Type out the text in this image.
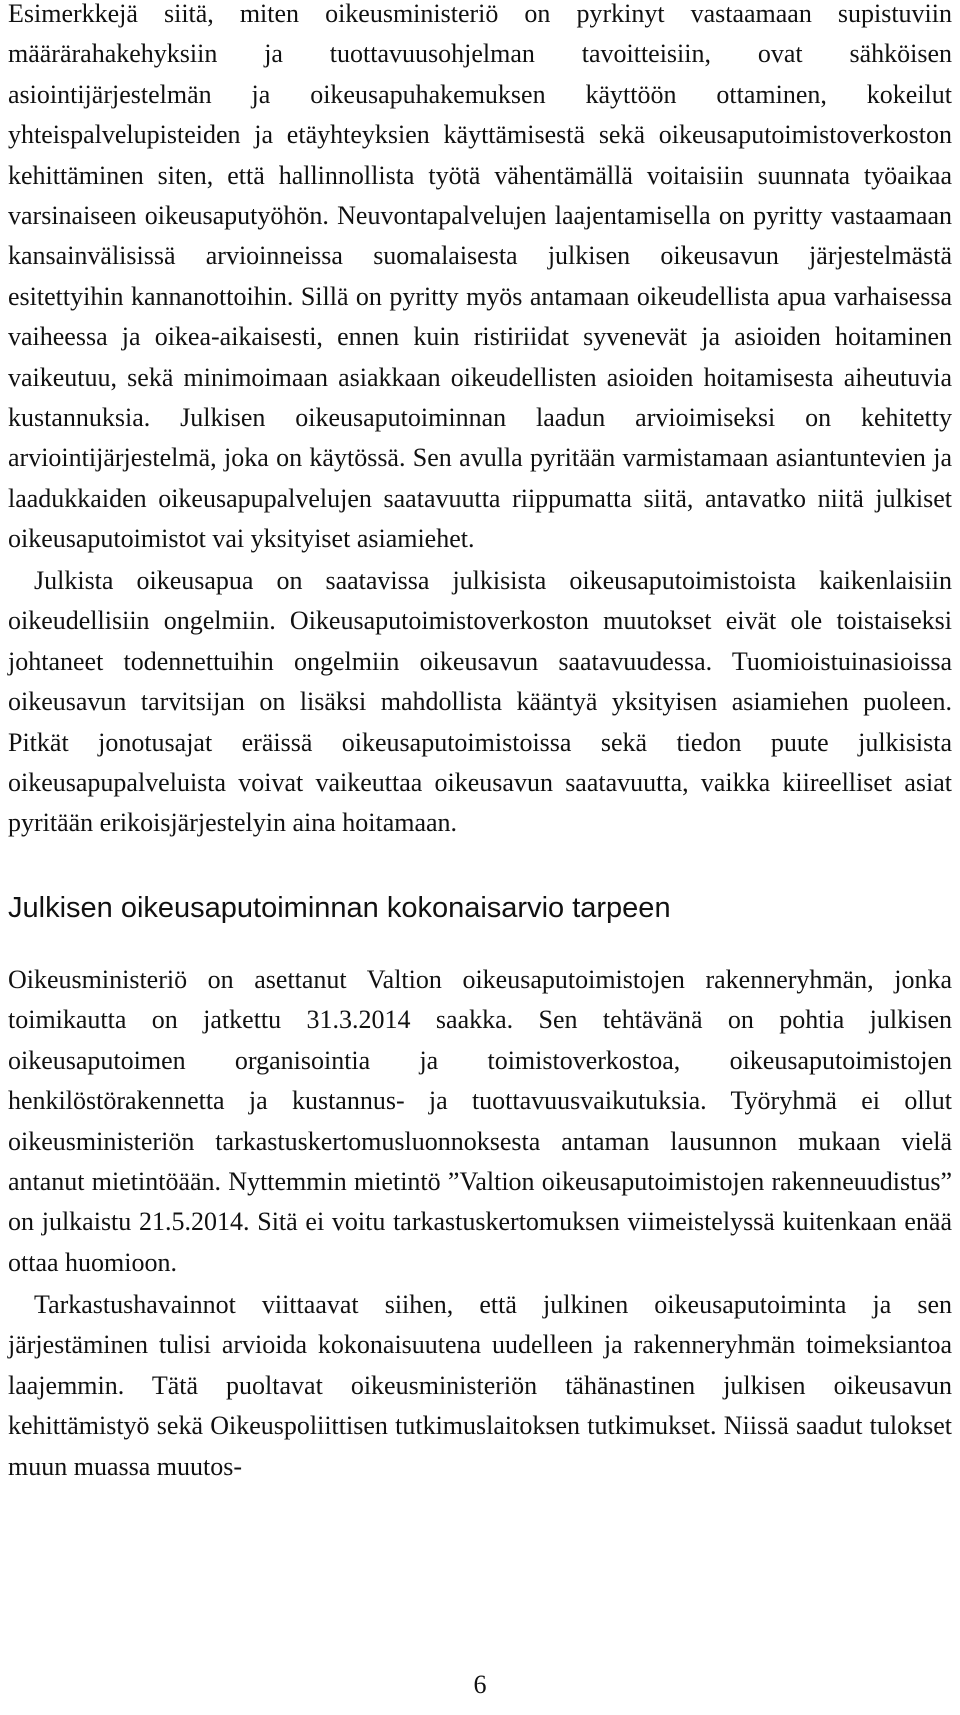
Esimerkkejä siitä, miten oikeusministeriö on pyrkinyt vastaamaan supistuviin määrärahakehyksiin ja tuottavuusohjelman tavoitteisiin, ovat sähköisen asiointijärjestelmän ja oikeusapuhakemuksen käyttöön ottaminen, kokeilut yhteispalvelupisteiden ja etäyhteyksien käyttämisestä sekä oikeusaputoimistoverkoston kehittäminen siten, että hallinnollista työtä vähentämällä voitaisiin suunnata työaikaa varsinaiseen oikeusaputyöhön. Neuvontapalvelujen laajentamisella on pyritty vastaamaan kansainvälisissä arvioinneissa suomalaisesta julkisen oikeusavun järjestelmästä esitettyihin kannanottoihin. Sillä on pyritty myös antamaan oikeudellista apua varhaisessa vaiheessa ja oikea-aikaisesti, ennen kuin ristiriidat syvenevät ja asioiden hoitaminen vaikeutuu, sekä minimoimaan asiakkaan oikeudellisten asioiden hoitamisesta aiheutuvia kustannuksia. Julkisen oikeusaputoiminnan laadun arvioimiseksi on kehitetty arviointijärjestelmä, joka on käytössä. Sen avulla pyritään varmistamaan asiantuntevien ja laadukkaiden oikeusapupalvelujen saatavuutta riippumatta siitä, antavatko niitä julkiset oikeusaputoimistot vai yksityiset asiamiehet.

Julkista oikeusapua on saatavissa julkisista oikeusaputoimistoista kaikenlaisiin oikeudellisiin ongelmiin. Oikeusaputoimistoverkoston muutokset eivät ole toistaiseksi johtaneet todennettuihin ongelmiin oikeusavun saatavuudessa. Tuomioistuinasioissa oikeusavun tarvitsijan on lisäksi mahdollista kääntyä yksityisen asiamiehen puoleen. Pitkät jonotusajat eräissä oikeusaputoimistoissa sekä tiedon puute julkisista oikeusapupalveluista voivat vaikeuttaa oikeusavun saatavuutta, vaikka kiireelliset asiat pyritään erikoisjärjestelyin aina hoitamaan.

Julkisen oikeusaputoiminnan kokonaisarvio tarpeen

Oikeusministeriö on asettanut Valtion oikeusaputoimistojen rakenneryhmän, jonka toimikautta on jatkettu 31.3.2014 saakka. Sen tehtävänä on pohtia julkisen oikeusaputoimen organisointia ja toimistoverkostoa, oikeusaputoimistojen henkilöstörakennetta ja kustannus- ja tuottavuusvaikutuksia. Työryhmä ei ollut oikeusministeriön tarkastuskertomusluonnoksesta antaman lausunnon mukaan vielä antanut mietintöään. Nyttemmin mietintö ”Valtion oikeusaputoimistojen rakenneuudistus” on julkaistu 21.5.2014. Sitä ei voitu tarkastuskertomuksen viimeistelyssä kuitenkaan enää ottaa huomioon.

Tarkastushavainnot viittaavat siihen, että julkinen oikeusaputoiminta ja sen järjestäminen tulisi arvioida kokonaisuutena uudelleen ja rakenneryhmän toimeksiantoa laajemmin. Tätä puoltavat oikeusministeriön tähänastinen julkisen oikeusavun kehittämistyö sekä Oikeuspoliittisen tutkimuslaitoksen tutkimukset. Niissä saadut tulokset muun muassa muutos-

6
